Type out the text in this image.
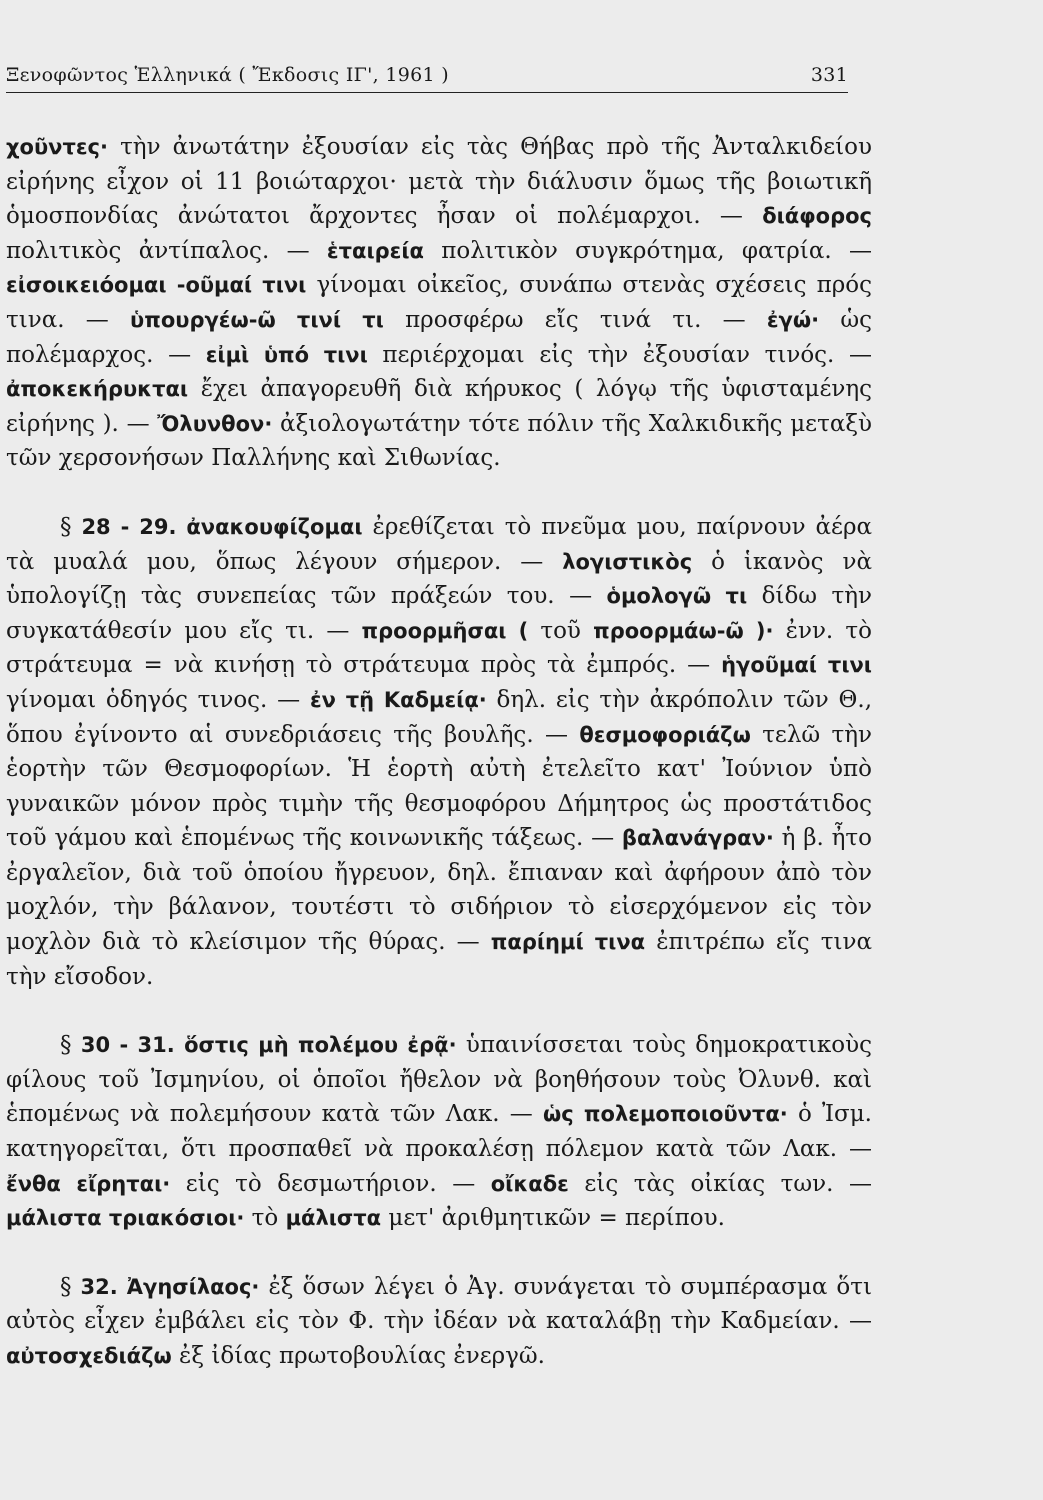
Ξενοφῶντος Ἑλληνικά ( Ἔκδοσις ΙΓ', 1961 )	331

χοῦντες· τὴν ἀνωτάτην ἐξουσίαν εἰς τὰς Θήβας πρὸ τῆς Ἀνταλκιδείου εἰρήνης εἶχον οἱ 11 βοιώταρχοι· μετὰ τὴν διάλυσιν ὅμως τῆς βοιωτικῆ ὁμοσπονδίας ἀνώτατοι ἄρχοντες ἦσαν οἱ πολέμαρχοι. — διάφορος πολιτικὸς ἀντίπαλος. — ἑταιρεία πολιτικὸν συγκρότημα, φατρία. — εἰσοικειόομαι -οῦμαί τινι γίνομαι οἰκεῖος, συνάπω στενὰς σχέσεις πρός τινα. — ὑπουργέω-ῶ τινί τι προσφέρω εἴς τινά τι. — ἐγώ· ὡς πολέμαρχος. — εἰμὶ ὑπό τινι περιέρχομαι εἰς τὴν ἐξουσίαν τινός. — ἀποκεκήρυκται ἔχει ἀπαγορευθῆ διὰ κήρυκος ( λόγῳ τῆς ὑφισταμένης εἰρήνης ). — Ὄλυνθον· ἀξιολογωτάτην τότε πόλιν τῆς Χαλκιδικῆς μεταξὺ τῶν χερσονήσων Παλλήνης καὶ Σιθωνίας.

§ 28 - 29. ἀνακουφίζομαι ἐρεθίζεται τὸ πνεῦμα μου, παίρνουν ἀέρα τὰ μυαλά μου, ὅπως λέγουν σήμερον. — λογιστικὸς ὁ ἱκανὸς νὰ ὑπολογίζῃ τὰς συνεπείας τῶν πράξεών του. — ὁμολογῶ τι δίδω τὴν συγκατάθεσίν μου εἴς τι. — προορμῆσαι ( τοῦ προορμάω-ῶ )· ἐνν. τὸ στράτευμα = νὰ κινήσῃ τὸ στράτευμα πρὸς τὰ ἐμπρός. — ἡγοῦμαί τινι γίνομαι ὁδηγός τινος. — ἐν τῇ Καδμείᾳ· δηλ. εἰς τὴν ἀκρόπολιν τῶν Θ., ὅπου ἐγίνοντο αἱ συνεδριάσεις τῆς βουλῆς. — θεσμοφοριάζω τελῶ τὴν ἑορτὴν τῶν Θεσμοφορίων. Ἡ ἑορτὴ αὐτὴ ἐτελεῖτο κατ' Ἰούνιον ὑπὸ γυναικῶν μόνον πρὸς τιμὴν τῆς θεσμοφόρου Δήμητρος ὡς προστάτιδος τοῦ γάμου καὶ ἑπομένως τῆς κοινωνικῆς τάξεως. — βαλανάγραν· ἡ β. ἦτο ἐργαλεῖον, διὰ τοῦ ὁποίου ἤγρευον, δηλ. ἔπιαναν καὶ ἀφήρουν ἀπὸ τὸν μοχλόν, τὴν βάλανον, τουτέστι τὸ σιδήριον τὸ εἰσερχόμενον εἰς τὸν μοχλὸν διὰ τὸ κλείσιμον τῆς θύρας. — παρίημί τινα ἐπιτρέπω εἴς τινα τὴν εἴσοδον.

§ 30 - 31. ὅστις μὴ πολέμου ἐρᾷ· ὑπαινίσσεται τοὺς δημοκρατικοὺς φίλους τοῦ Ἰσμηνίου, οἱ ὁποῖοι ἤθελον νὰ βοηθήσουν τοὺς Ὀλυνθ. καὶ ἑπομένως νὰ πολεμήσουν κατὰ τῶν Λακ. — ὡς πολεμοποιοῦντα· ὁ Ἰσμ. κατηγορεῖται, ὅτι προσπαθεῖ νὰ προκαλέσῃ πόλεμον κατὰ τῶν Λακ. — ἔνθα εἴρηται· εἰς τὸ δεσμωτήριον. — οἴκαδε εἰς τὰς οἰκίας των. — μάλιστα τριακόσιοι· τὸ μάλιστα μετ' ἀριθμητικῶν = περίπου.

§ 32. Ἀγησίλαος· ἐξ ὅσων λέγει ὁ Ἀγ. συνάγεται τὸ συμπέρασμα ὅτι αὐτὸς εἶχεν ἐμβάλει εἰς τὸν Φ. τὴν ἰδέαν νὰ καταλάβῃ τὴν Καδμείαν. — αὐτοσχεδιάζω ἐξ ἰδίας πρωτοβουλίας ἐνεργῶ.
